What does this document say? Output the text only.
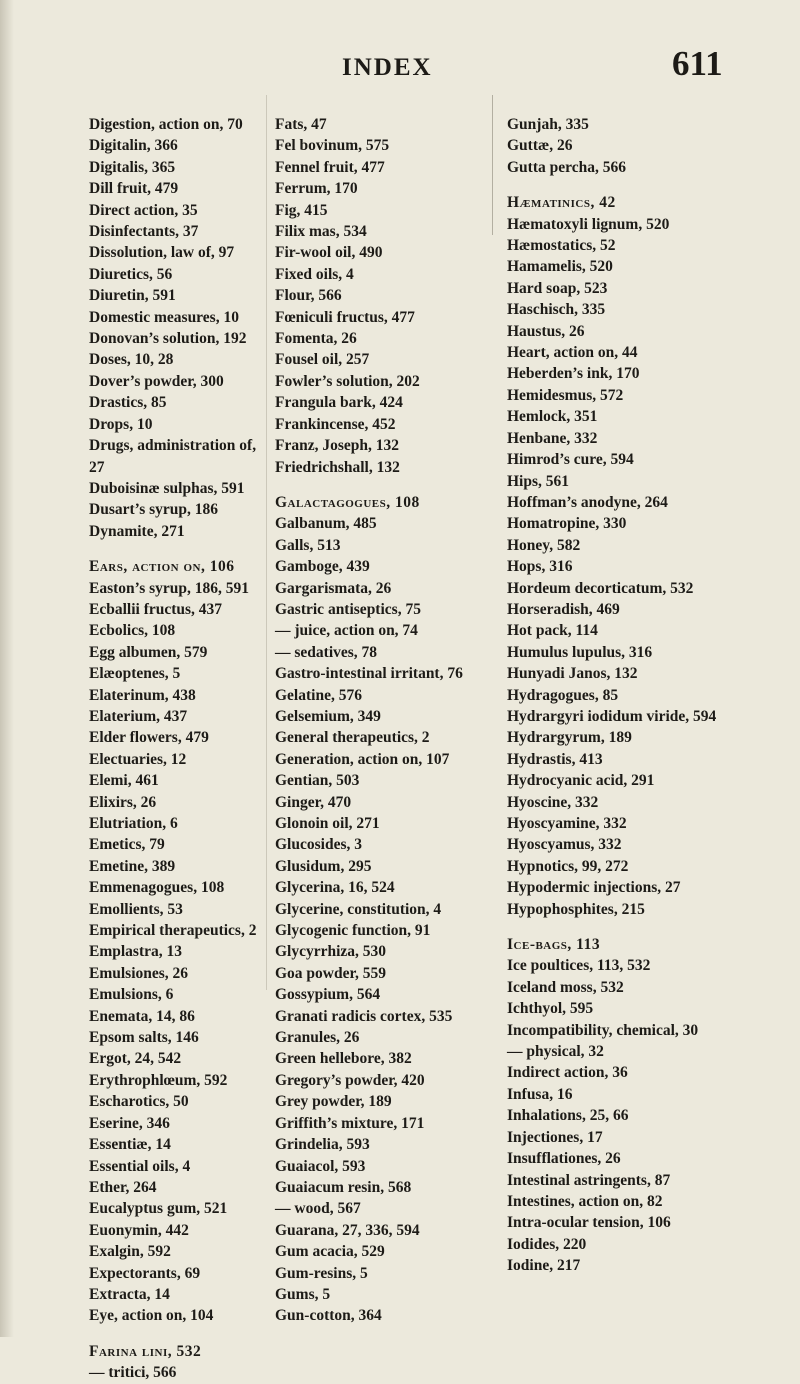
INDEX	611
Digestion, action on, 70
Digitalin, 366
Digitalis, 365
Dill fruit, 479
Direct action, 35
Disinfectants, 37
Dissolution, law of, 97
Diuretics, 56
Diuretin, 591
Domestic measures, 10
Donovan’s solution, 192
Doses, 10, 28
Dover’s powder, 300
Drastics, 85
Drops, 10
Drugs, administration of, 27
Duboisinæ sulphas, 591
Dusart’s syrup, 186
Dynamite, 271
Ears, action on, 106
Easton’s syrup, 186, 591
Ecballii fructus, 437
Ecbolics, 108
Egg albumen, 579
Elæoptenes, 5
Elaterinum, 438
Elaterium, 437
Elder flowers, 479
Electuaries, 12
Elemi, 461
Elixirs, 26
Elutriation, 6
Emetics, 79
Emetine, 389
Emmenagogues, 108
Emollients, 53
Empirical therapeutics, 2
Emplastra, 13
Emulsiones, 26
Emulsions, 6
Enemata, 14, 86
Epsom salts, 146
Ergot, 24, 542
Erythrophlœum, 592
Escharotics, 50
Eserine, 346
Essentiæ, 14
Essential oils, 4
Ether, 264
Eucalyptus gum, 521
Euonymin, 442
Exalgin, 592
Expectorants, 69
Extracta, 14
Eye, action on, 104
Farina lini, 532
— tritici, 566
Fats, 47
Fel bovinum, 575
Fennel fruit, 477
Ferrum, 170
Fig, 415
Filix mas, 534
Fir-wool oil, 490
Fixed oils, 4
Flour, 566
Fœniculi fructus, 477
Fomenta, 26
Fousel oil, 257
Fowler’s solution, 202
Frangula bark, 424
Frankincense, 452
Franz, Joseph, 132
Friedrichshall, 132
Galactagogues, 108
Galbanum, 485
Galls, 513
Gamboge, 439
Gargarismata, 26
Gastric antiseptics, 75
— juice, action on, 74
— sedatives, 78
Gastro-intestinal irritant, 76
Gelatine, 576
Gelsemium, 349
General therapeutics, 2
Generation, action on, 107
Gentian, 503
Ginger, 470
Glonoin oil, 271
Glucosides, 3
Glusidum, 295
Glycerina, 16, 524
Glycerine, constitution, 4
Glycogenic function, 91
Glycyrrhiza, 530
Goa powder, 559
Gossypium, 564
Granati radicis cortex, 535
Granules, 26
Green hellebore, 382
Gregory’s powder, 420
Grey powder, 189
Griffith’s mixture, 171
Grindelia, 593
Guaiacol, 593
Guaiacum resin, 568
— wood, 567
Guarana, 27, 336, 594
Gum acacia, 529
Gum-resins, 5
Gums, 5
Gun-cotton, 364
Gunjah, 335
Guttæ, 26
Gutta percha, 566
Hæmatinics, 42
Hæmatoxyli lignum, 520
Hæmostatics, 52
Hamamelis, 520
Hard soap, 523
Haschisch, 335
Haustus, 26
Heart, action on, 44
Heberden’s ink, 170
Hemidesmus, 572
Hemlock, 351
Henbane, 332
Himrod’s cure, 594
Hips, 561
Hoffman’s anodyne, 264
Homatropine, 330
Honey, 582
Hops, 316
Hordeum decorticatum, 532
Horseradish, 469
Hot pack, 114
Humulus lupulus, 316
Hunyadi Janos, 132
Hydragogues, 85
Hydrargyri iodidum viride, 594
Hydrargyrum, 189
Hydrastis, 413
Hydrocyanic acid, 291
Hyoscine, 332
Hyoscyamine, 332
Hyoscyamus, 332
Hypnotics, 99, 272
Hypodermic injections, 27
Hypophosphites, 215
Ice-bags, 113
Ice poultices, 113, 532
Iceland moss, 532
Ichthyol, 595
Incompatibility, chemical, 30
— physical, 32
Indirect action, 36
Infusa, 16
Inhalations, 25, 66
Injectiones, 17
Insufflationes, 26
Intestinal astringents, 87
Intestines, action on, 82
Intra-ocular tension, 106
Iodides, 220
Iodine, 217
